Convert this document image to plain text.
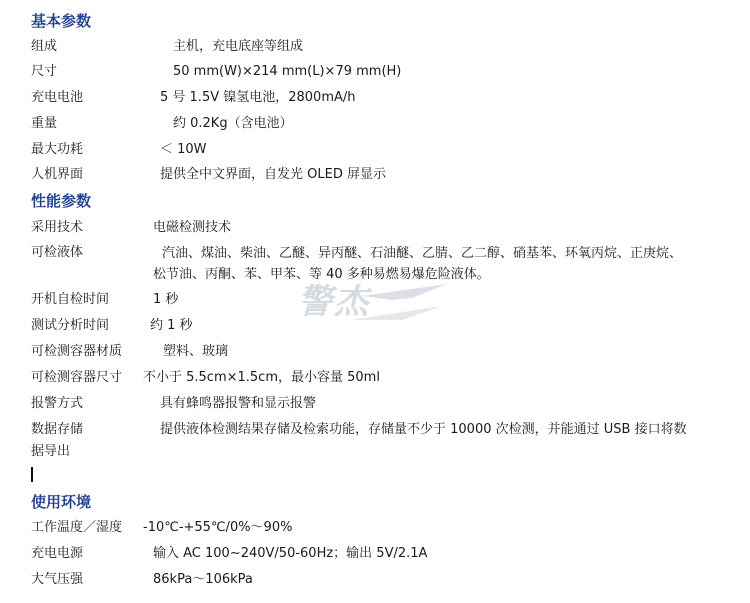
基本参数
组成	主机，充电底座等组成
尺寸	50 mm(W)×214 mm(L)×79 mm(H)
充电电池	5 号 1.5V 镍氢电池，2800mA/h
重量	约 0.2Kg（含电池）
最大功耗	＜ 10W
人机界面	提供全中文界面，自发光 OLED 屏显示
性能参数
采用技术	电磁检测技术
可检液体	汽油、煤油、柴油、乙醚、异丙醚、石油醚、乙腈、乙二醇、硝基苯、环氧丙烷、正庚烷、
松节油、丙酮、苯、甲苯、等 40 多种易燃易爆危险液体。
开机自检时间	1 秒
测试分析时间	约 1 秒
可检测容器材质	塑料、玻璃
可检测容器尺寸 不小于 5.5cm×1.5cm，最小容量 50ml
报警方式	具有蜂鸣器报警和显示报警
数据存储	提供液体检测结果存储及检索功能，存储量不少于 10000 次检测，并能通过 USB 接口将数
据导出
使用环境
工作温度／湿度 -10℃-+55℃/0%～90%
充电电源	输入 AC 100~240V/50-60Hz；输出 5V/2.1A
大气压强	86kPa～106kPa
警杰
